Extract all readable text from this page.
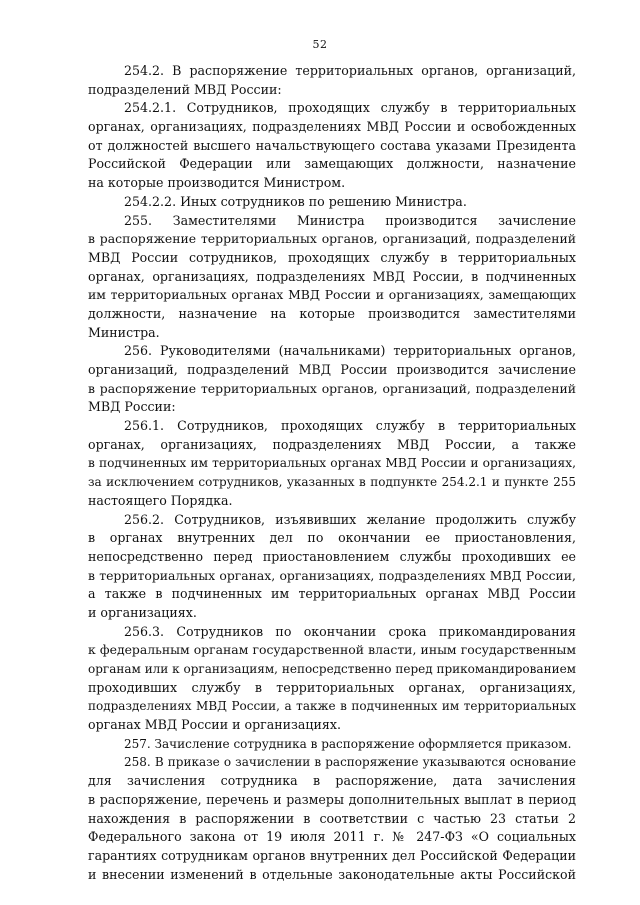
52
254.2. В распоряжение территориальных органов, организаций,
подразделений МВД России:
254.2.1. Сотрудников, проходящих службу в территориальных
органах, организациях, подразделениях МВД России и освобожденных
от должностей высшего начальствующего состава указами Президента
Российской Федерации или замещающих должности, назначение
на которые производится Министром.
254.2.2. Иных сотрудников по решению Министра.
255. Заместителями Министра производится зачисление
в распоряжение территориальных органов, организаций, подразделений
МВД России сотрудников, проходящих службу в территориальных
органах, организациях, подразделениях МВД России, в подчиненных
им территориальных органах МВД России и организациях, замещающих
должности, назначение на которые производится заместителями
Министра.
256. Руководителями (начальниками) территориальных органов,
организаций, подразделений МВД России производится зачисление
в распоряжение территориальных органов, организаций, подразделений
МВД России:
256.1. Сотрудников, проходящих службу в территориальных
органах, организациях, подразделениях МВД России, а также
в подчиненных им территориальных органах МВД России и организациях,
за исключением сотрудников, указанных в подпункте 254.2.1 и пункте 255
настоящего Порядка.
256.2. Сотрудников, изъявивших желание продолжить службу
в органах внутренних дел по окончании ее приостановления,
непосредственно перед приостановлением службы проходивших ее
в территориальных органах, организациях, подразделениях МВД России,
а также в подчиненных им территориальных органах МВД России
и организациях.
256.3. Сотрудников по окончании срока прикомандирования
к федеральным органам государственной власти, иным государственным
органам или к организациям, непосредственно перед прикомандированием
проходивших службу в территориальных органах, организациях,
подразделениях МВД России, а также в подчиненных им территориальных
органах МВД России и организациях.
257. Зачисление сотрудника в распоряжение оформляется приказом.
258. В приказе о зачислении в распоряжение указываются основание
для зачисления сотрудника в распоряжение, дата зачисления
в распоряжение, перечень и размеры дополнительных выплат в период
нахождения в распоряжении в соответствии с частью 23 статьи 2
Федерального закона от 19 июля 2011 г. № 247-ФЗ «О социальных
гарантиях сотрудникам органов внутренних дел Российской Федерации
и внесении изменений в отдельные законодательные акты Российской
